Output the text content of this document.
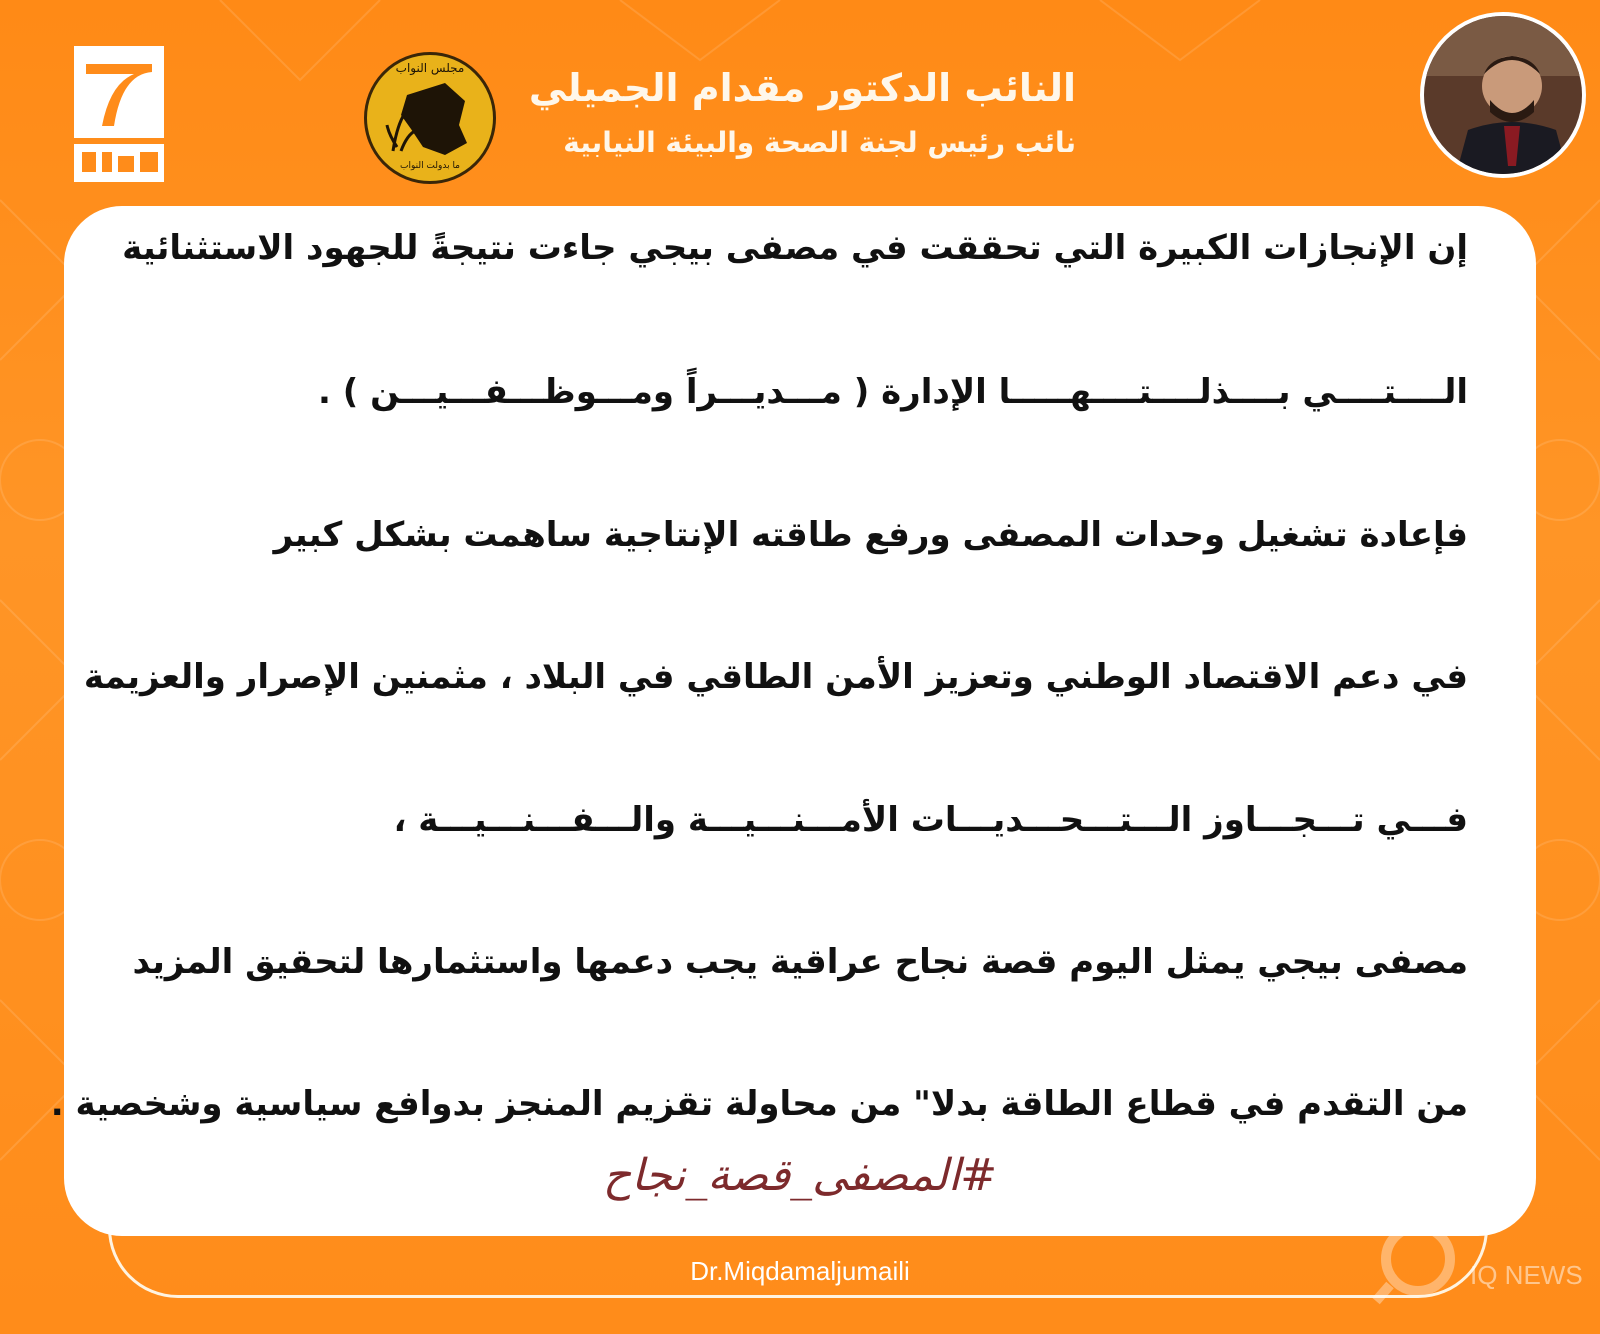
مجلس النواب
ما بدولت النواب
النائب الدكتور مقدام الجميلي
نائب رئيس لجنة الصحة والبيئة النيابية
إن الإنجازات الكبيرة التي تحققت في مصفى بيجي جاءت نتيجةً للجهود الاستثنائية
الــــتــــي بــــذلــــتــــهـــــا الإدارة ( مـــديـــراً ومـــوظـــفـــيـــن ) .
فإعادة تشغيل وحدات المصفى ورفع طاقته الإنتاجية ساهمت بشكل كبير
في دعم الاقتصاد الوطني وتعزيز الأمن الطاقي في البلاد ، مثمنين الإصرار والعزيمة
فـــي تـــجـــاوز الـــتـــحـــديـــات الأمـــنـــيـــة والـــفـــنـــيـــة ،
مصفى بيجي يمثل اليوم قصة نجاح عراقية يجب دعمها واستثمارها لتحقيق المزيد
من التقدم في قطاع الطاقة بدلا" من محاولة تقزيم المنجز بدوافع سياسية وشخصية .
#المصفى_قصة_نجاح
Dr.Miqdamaljumaili	IQ NEWS
